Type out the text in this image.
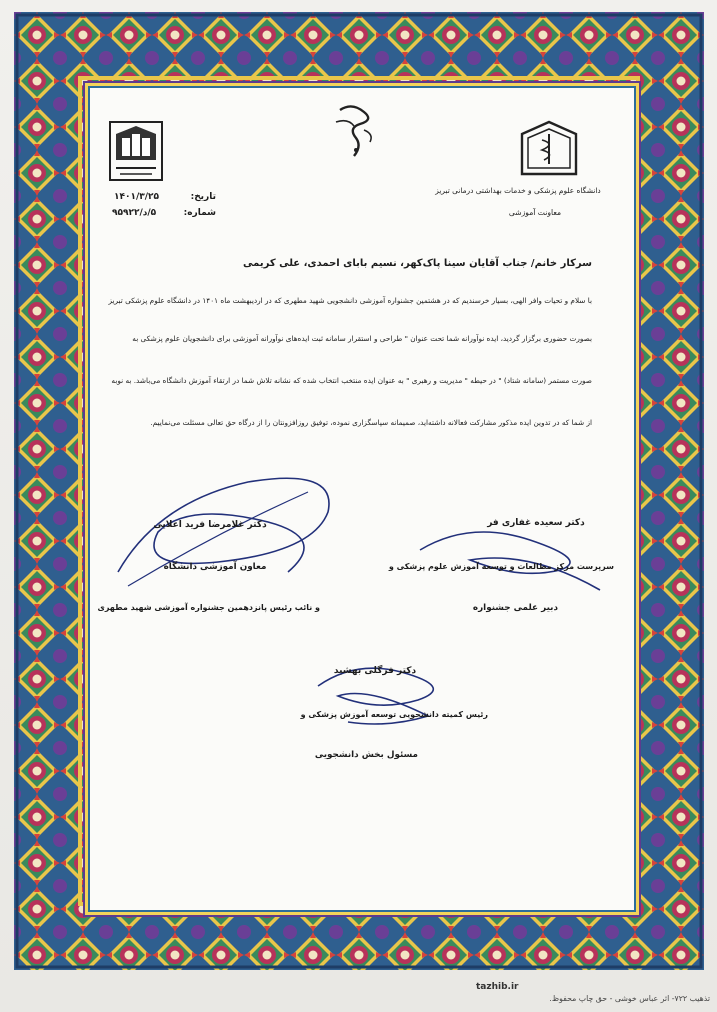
دانشگاه علوم پزشکی و خدمات بهداشتی درمانی تبریز
معاونت آموزشی
تاریخ:
۱۴۰۱/۳/۲۵
شماره:
۵/د/۹۵۹۲۲
سرکار خانم/ جناب آقایان سینا پاک‌کهر، نسیم بابای احمدی، علی کریمی
با سلام و تحیات وافر الهی، بسیار خرسندیم که در هشتمین جشنواره آموزشی دانشجویی شهید مطهری که در اردیبهشت ماه ۱۴۰۱ در دانشگاه علوم پزشکی تبریز
بصورت حضوری برگزار گردید، ایده نوآورانه شما تحت عنوان " طراحی و استقرار سامانه ثبت ایده‌های نوآورانه آموزشی برای دانشجویان علوم پزشکی به
صورت مستمر (سامانه شتاد) " در حیطه " مدیریت و رهبری " به عنوان ایده منتخب انتخاب شده که نشانه تلاش شما در ارتقاء آموزش دانشگاه می‌باشد. به‌ نوبه
از شما که در تدوین ایده مذکور مشارکت فعالانه داشته‌اید، صمیمانه سپاسگزاری نموده، توفیق روزافزونتان را از درگاه حق تعالی مسئلت می‌نماییم.
دکتر غلامرضا فرید اعلایی
معاون آموزشی دانشگاه
و نائب رئیس پانزدهمین جشنواره آموزشی شهید مطهری
دکتر سعیده غفاری فر
سرپرست مرکز مطالعات و توسعه آموزش علوم پزشکی و
دبیر علمی جشنواره
دکتر فرگلی بهشید
رئیس کمیته دانشجویی توسعه آموزش پزشکی و
مسئول بخش دانشجویی
tazhib.ir
تذهیب ۷۲۲- اثر عباس خوشی - حق چاپ محفوظ.
